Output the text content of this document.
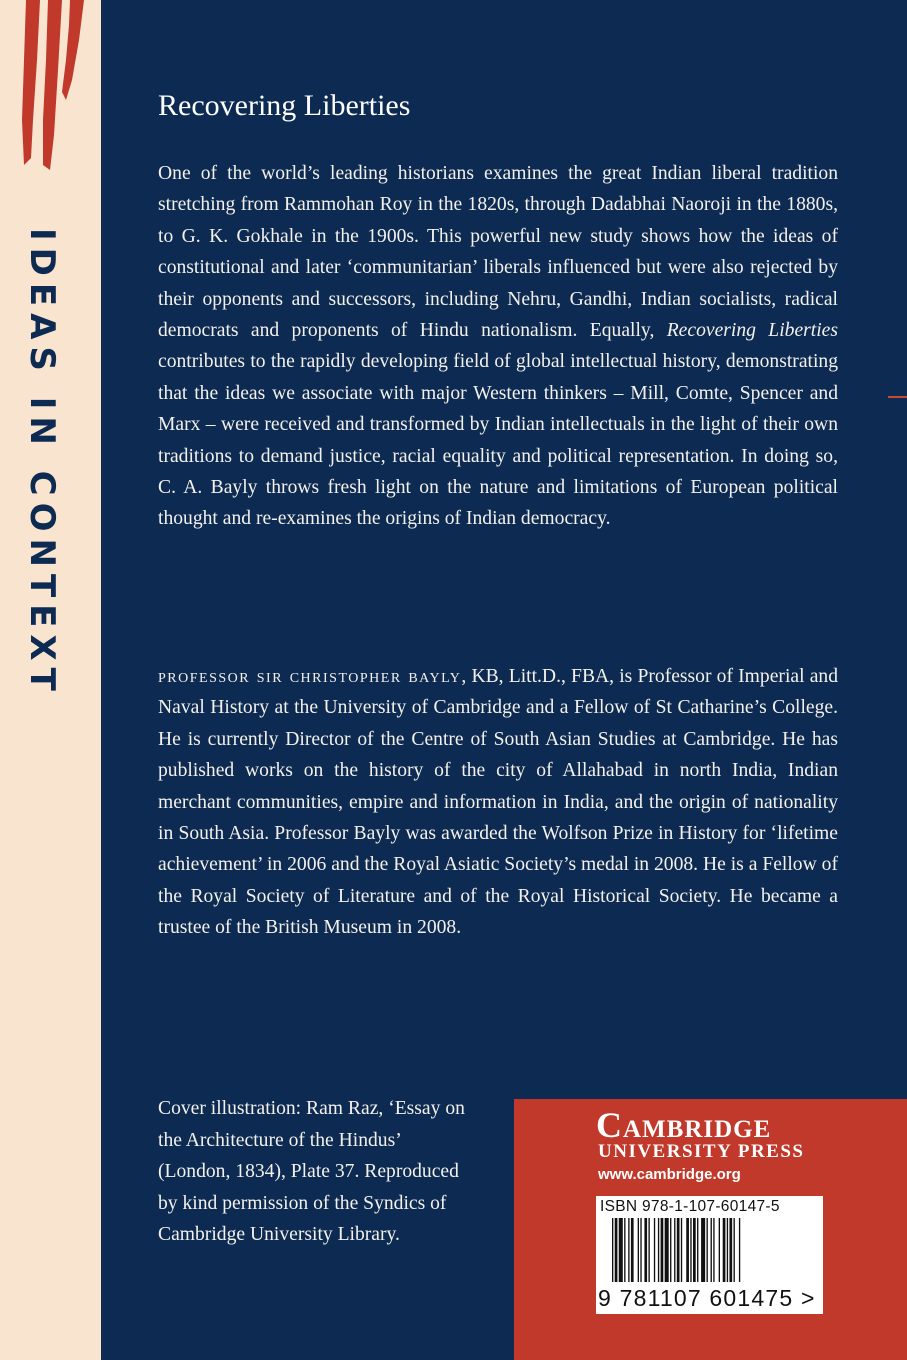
IDEAS IN CONTEXT
Recovering Liberties

One of the world’s leading historians examines the great Indian liberal tradition stretching from Rammohan Roy in the 1820s, through Dadabhai Naoroji in the 1880s, to G. K. Gokhale in the 1900s. This powerful new study shows how the ideas of constitutional and later ‘communitarian’ liberals influenced but were also rejected by their opponents and successors, including Nehru, Gandhi, Indian socialists, radical democrats and proponents of Hindu nationalism. Equally, Recovering Liberties contributes to the rapidly developing field of global intellectual history, demonstrating that the ideas we associate with major Western thinkers – Mill, Comte, Spencer and Marx – were received and transformed by Indian intellectuals in the light of their own traditions to demand justice, racial equality and political representation. In doing so, C. A. Bayly throws fresh light on the nature and limitations of European political thought and re-examines the origins of Indian democracy.

professor sir christopher bayly, KB, Litt.D., FBA, is Professor of Imperial and Naval History at the University of Cambridge and a Fellow of St Catharine’s College. He is currently Director of the Centre of South Asian Studies at Cambridge. He has published works on the history of the city of Allahabad in north India, Indian merchant communities, empire and information in India, and the origin of nationality in South Asia. Professor Bayly was awarded the Wolfson Prize in History for ‘lifetime achievement’ in 2006 and the Royal Asiatic Society’s medal in 2008. He is a Fellow of the Royal Society of Literature and of the Royal Historical Society. He became a trustee of the British Museum in 2008.

Cover illustration: Ram Raz, ‘Essay on the Architecture of the Hindus’ (London, 1834), Plate 37. Reproduced by kind permission of the Syndics of Cambridge University Library.

Cambridge

UNIVERSITY PRESS

www.cambridge.org

ISBN 978-1-107-60147-5
9 781107 601475 >
